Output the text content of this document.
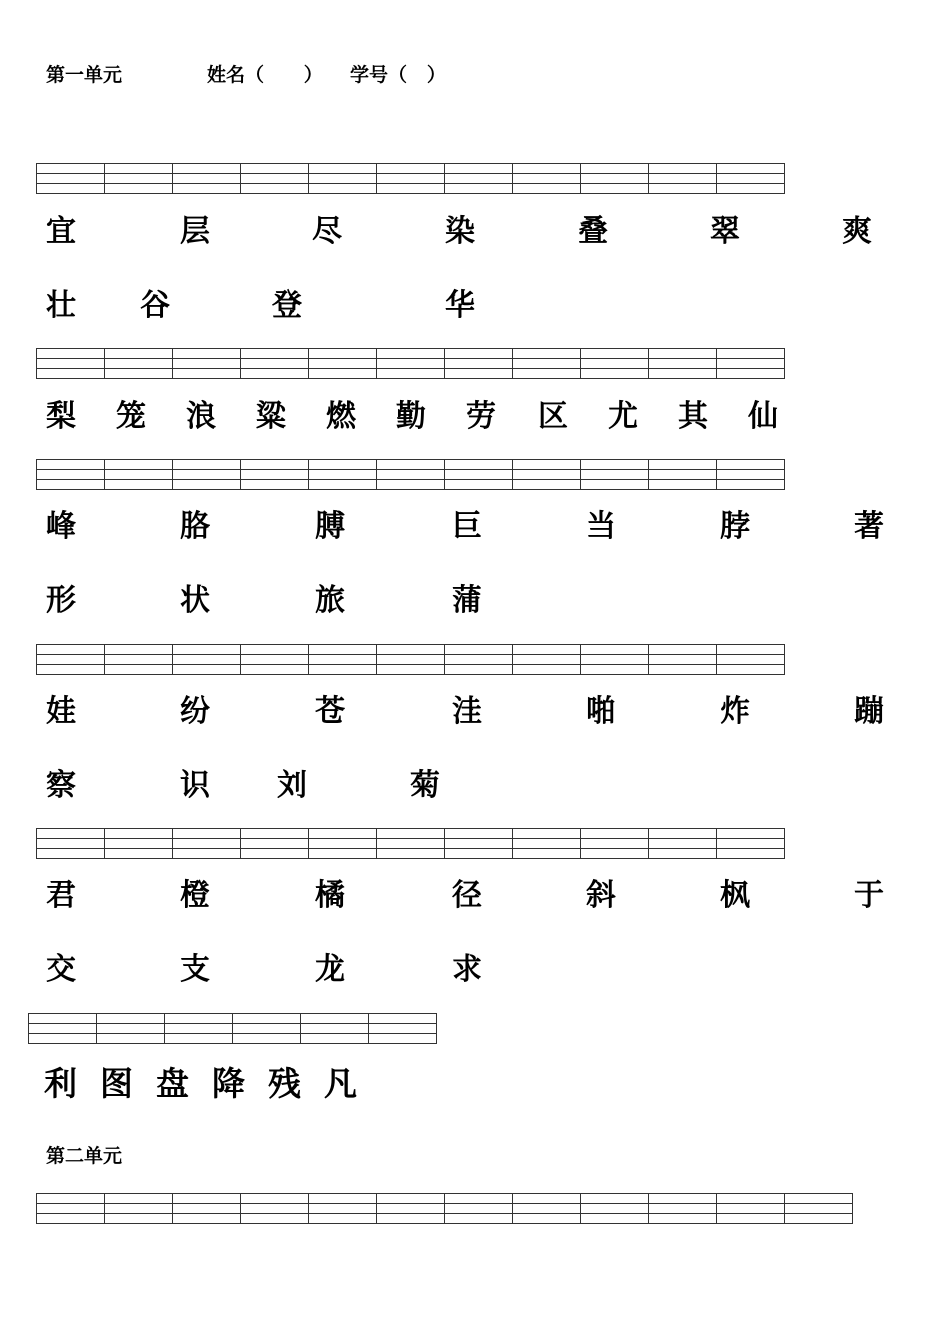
第一单元	姓名（      ） 学号（   ）

宜	层	尽	染	叠	翠	爽
壮 谷	登	华

梨 笼 浪 粱 燃 勤 劳 区 尤 其 仙

峰	胳	膊	巨	当	脖	著
形	状	旅	蒲

娃	纷	苍	洼	啪	炸	蹦
察	识 刘	菊

君	橙	橘	径	斜	枫	于
交	支	龙	求

利 图 盘 降 残 凡
第二单元
